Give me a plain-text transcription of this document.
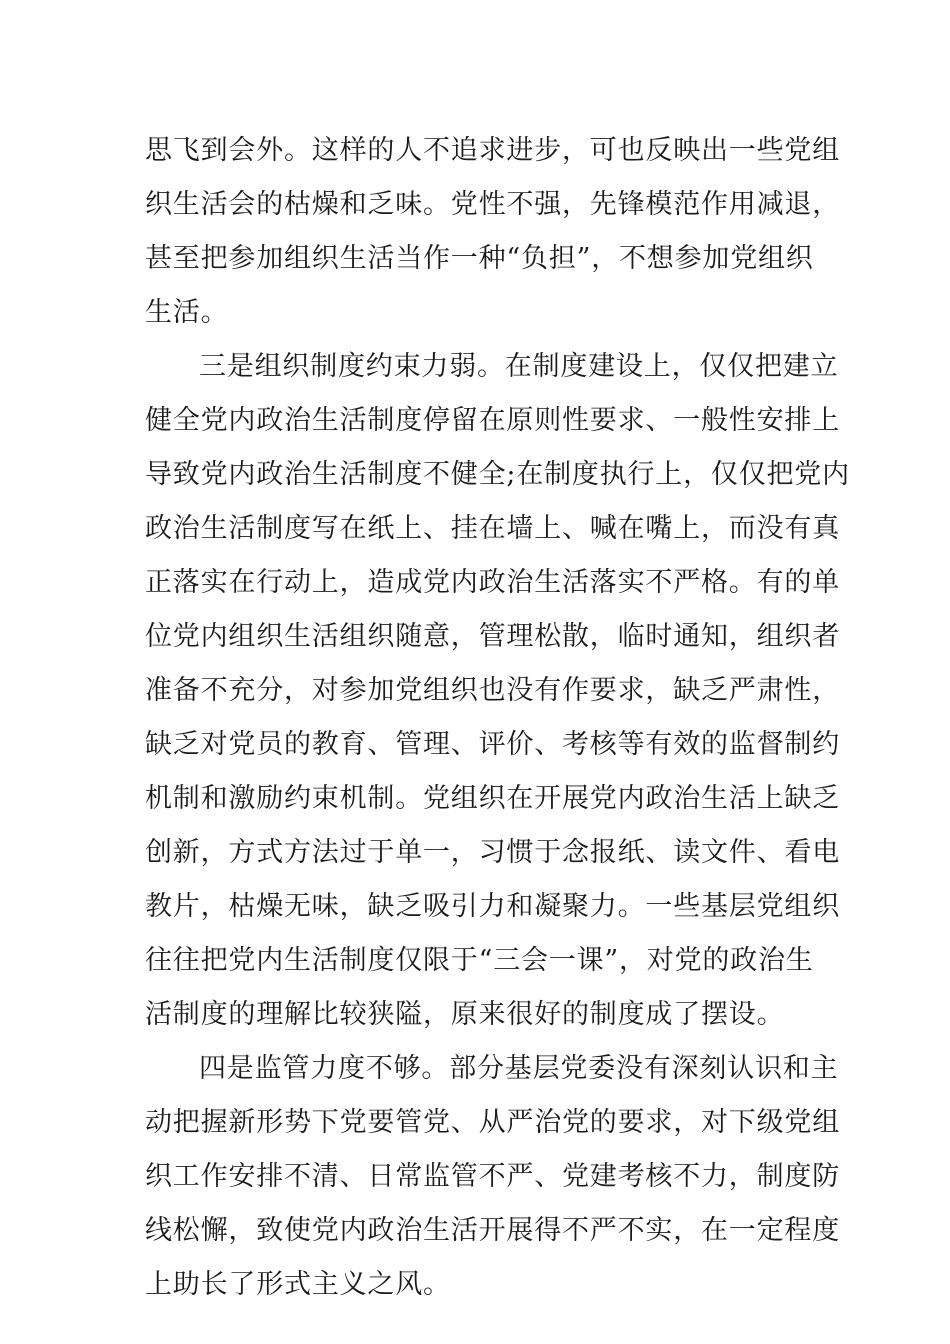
思飞到会外。这样的人不追求进步，可也反映出一些党组
织生活会的枯燥和乏味。党性不强，先锋模范作用减退，
甚至把参加组织生活当作一种“负担”，不想参加党组织
生活。
三是组织制度约束力弱。在制度建设上，仅仅把建立
健全党内政治生活制度停留在原则性要求、一般性安排上
导致党内政治生活制度不健全;在制度执行上，仅仅把党内
政治生活制度写在纸上、挂在墙上、喊在嘴上，而没有真
正落实在行动上，造成党内政治生活落实不严格。有的单
位党内组织生活组织随意，管理松散，临时通知，组织者
准备不充分，对参加党组织也没有作要求，缺乏严肃性，
缺乏对党员的教育、管理、评价、考核等有效的监督制约
机制和激励约束机制。党组织在开展党内政治生活上缺乏
创新，方式方法过于单一，习惯于念报纸、读文件、看电
教片，枯燥无味，缺乏吸引力和凝聚力。一些基层党组织
往往把党内生活制度仅限于“三会一课”，对党的政治生
活制度的理解比较狭隘，原来很好的制度成了摆设。
四是监管力度不够。部分基层党委没有深刻认识和主
动把握新形势下党要管党、从严治党的要求，对下级党组
织工作安排不清、日常监管不严、党建考核不力，制度防
线松懈，致使党内政治生活开展得不严不实，在一定程度
上助长了形式主义之风。
